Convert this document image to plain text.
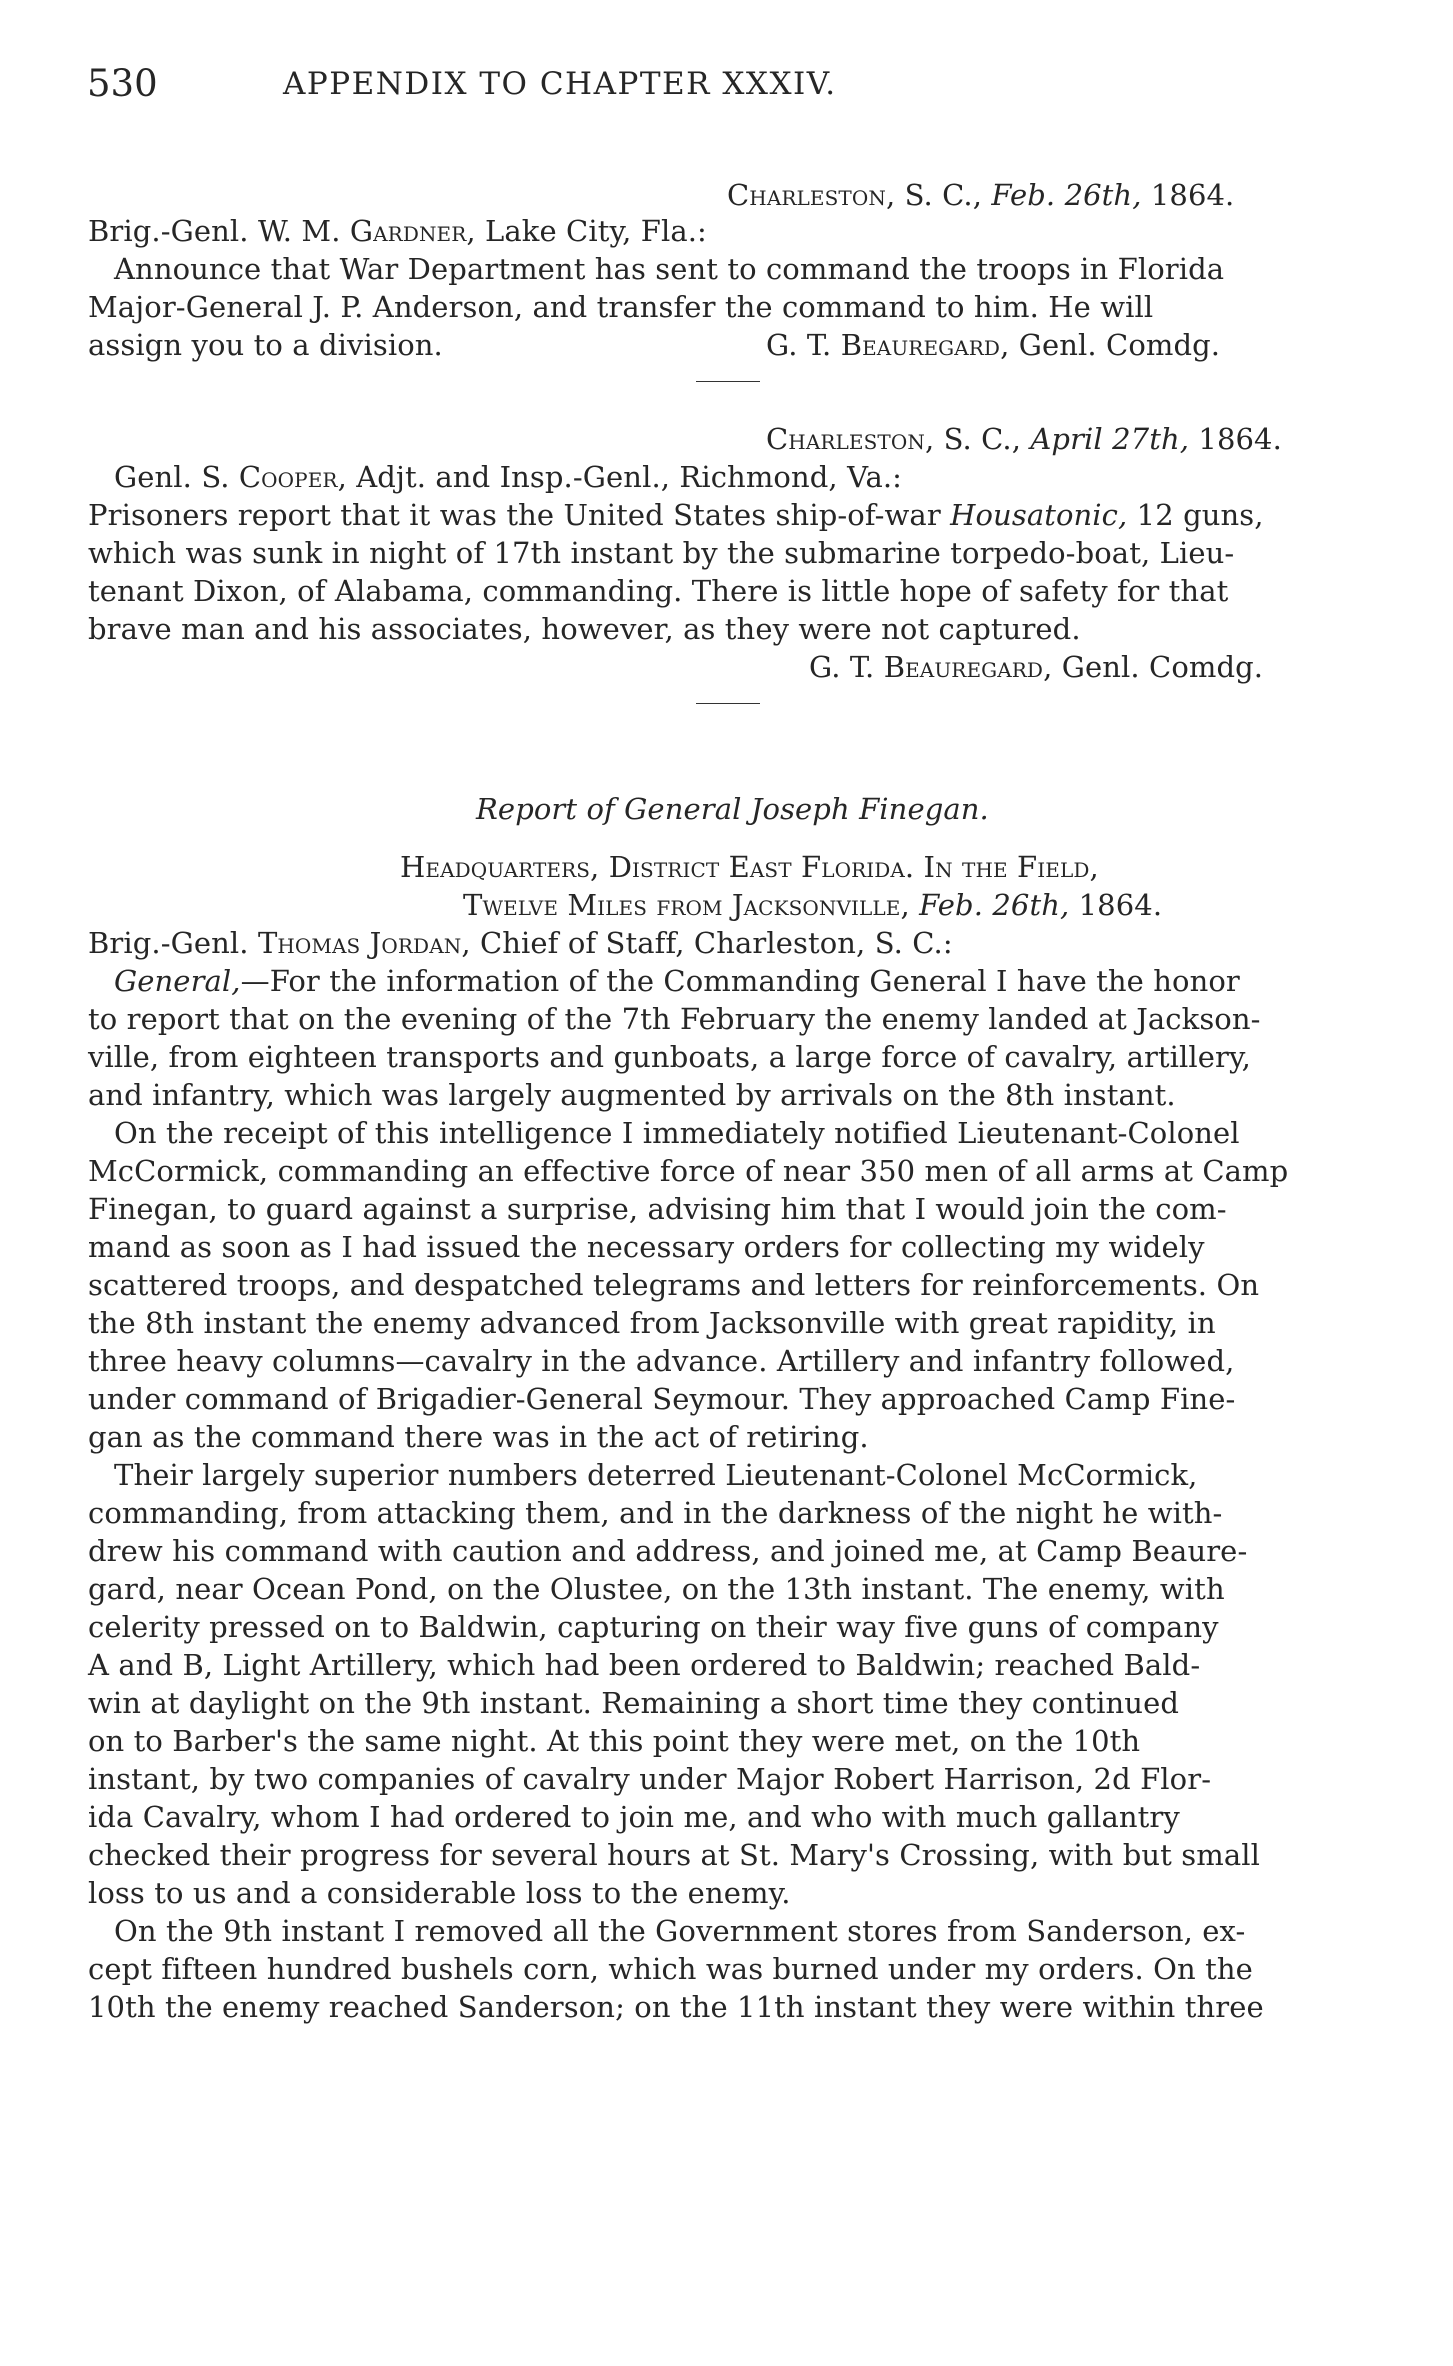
530	APPENDIX TO CHAPTER XXXIV.
Charleston, S. C., Feb. 26th, 1864.
Brig.-Genl. W. M. Gardner, Lake City, Fla.:
Announce that War Department has sent to command the troops in Florida
Major-General J. P. Anderson, and transfer the command to him. He will
assign you to a division.	G. T. Beauregard, Genl. Comdg.
Charleston, S. C., April 27th, 1864.
Genl. S. Cooper, Adjt. and Insp.-Genl., Richmond, Va.:
Prisoners report that it was the United States ship-of-war Housatonic, 12 guns,
which was sunk in night of 17th instant by the submarine torpedo-boat, Lieu-
tenant Dixon, of Alabama, commanding. There is little hope of safety for that
brave man and his associates, however, as they were not captured.
G. T. Beauregard, Genl. Comdg.
Report of General Joseph Finegan.
Headquarters, District East Florida. In the Field,
Twelve Miles from Jacksonville, Feb. 26th, 1864.
Brig.-Genl. Thomas Jordan, Chief of Staff, Charleston, S. C.:
General,—For the information of the Commanding General I have the honor
to report that on the evening of the 7th February the enemy landed at Jackson-
ville, from eighteen transports and gunboats, a large force of cavalry, artillery,
and infantry, which was largely augmented by arrivals on the 8th instant.
On the receipt of this intelligence I immediately notified Lieutenant-Colonel
McCormick, commanding an effective force of near 350 men of all arms at Camp
Finegan, to guard against a surprise, advising him that I would join the com-
mand as soon as I had issued the necessary orders for collecting my widely
scattered troops, and despatched telegrams and letters for reinforcements. On
the 8th instant the enemy advanced from Jacksonville with great rapidity, in
three heavy columns—cavalry in the advance. Artillery and infantry followed,
under command of Brigadier-General Seymour. They approached Camp Fine-
gan as the command there was in the act of retiring.
Their largely superior numbers deterred Lieutenant-Colonel McCormick,
commanding, from attacking them, and in the darkness of the night he with-
drew his command with caution and address, and joined me, at Camp Beaure-
gard, near Ocean Pond, on the Olustee, on the 13th instant. The enemy, with
celerity pressed on to Baldwin, capturing on their way five guns of company
A and B, Light Artillery, which had been ordered to Baldwin; reached Bald-
win at daylight on the 9th instant. Remaining a short time they continued
on to Barber's the same night. At this point they were met, on the 10th
instant, by two companies of cavalry under Major Robert Harrison, 2d Flor-
ida Cavalry, whom I had ordered to join me, and who with much gallantry
checked their progress for several hours at St. Mary's Crossing, with but small
loss to us and a considerable loss to the enemy.
On the 9th instant I removed all the Government stores from Sanderson, ex-
cept fifteen hundred bushels corn, which was burned under my orders. On the
10th the enemy reached Sanderson; on the 11th instant they were within three
